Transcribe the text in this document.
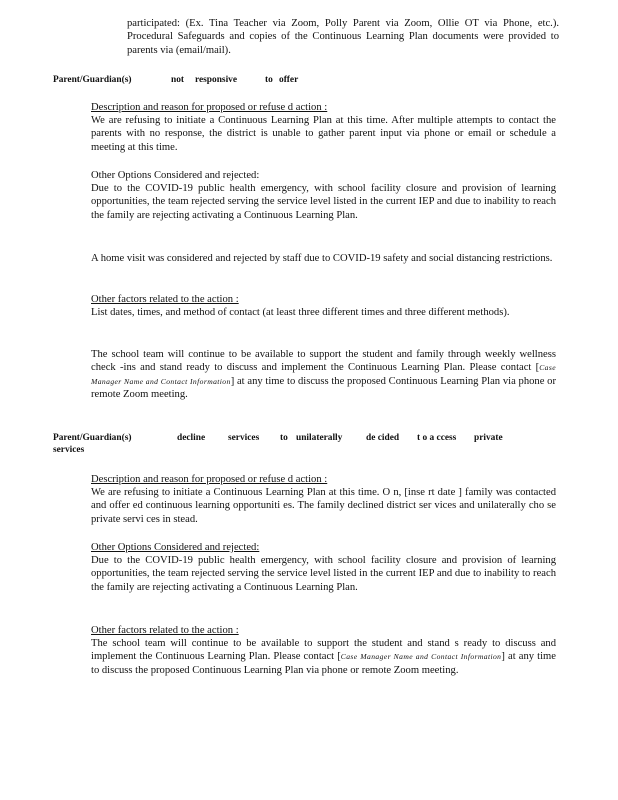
participated: (Ex. Tina Teacher via Zoom, Polly Parent via Zoom, Ollie OT via Phone, etc.). Procedural Safeguards and copies of the Continuous Learning Plan documents were provided to parents via (email/mail).

Parent/Guardian(s)	not responsive	to offer

Description and reason for proposed or refuse d action :

We are refusing to initiate a Continuous Learning Plan at this time. After multiple attempts to contact the parents with no response, the district is unable to gather parent input via phone or email or schedule a meeting at this time.

Other Options Considered and rejected:

Due to the COVID-19 public health emergency, with school facility closure and provision of learning opportunities, the team rejected serving the service level listed in the current IEP and due to inability to reach the family are rejecting activating a Continuous Learning Plan.

A home visit was considered and rejected by staff due to COVID-19 safety and social distancing restrictions.

Other factors related to the action :

List dates, times, and method of contact (at least three different times and three different methods).

The school team will continue to be available to support the student and family through weekly wellness check -ins and stand ready to discuss and implement the Continuous Learning Plan. Please contact [Case Manager Name and Contact Information] at any time to discuss the proposed Continuous Learning Plan via phone or remote Zoom meeting.

Parent/Guardian(s)	decline services to unilaterally	de cided t o a ccess private
services

Description and reason for proposed or refuse d action :

We are refusing to initiate a Continuous Learning Plan at this time. O n, [inse rt date ] family was contacted and offer ed continuous learning opportuniti es. The family declined district ser vices and unilaterally cho se private servi ces in stead.

Other Options Considered and rejected:

Due to the COVID-19 public health emergency, with school facility closure and provision of learning opportunities, the team rejected serving the service level listed in the current IEP and due to inability to reach the family are rejecting activating a Continuous Learning Plan.

Other factors related to the action :

The school team will continue to be available to support the student and stand s ready to discuss and implement the Continuous Learning Plan. Please contact [Case Manager Name and Contact Information] at any time to discuss the proposed Continuous Learning Plan via phone or remote Zoom meeting.
